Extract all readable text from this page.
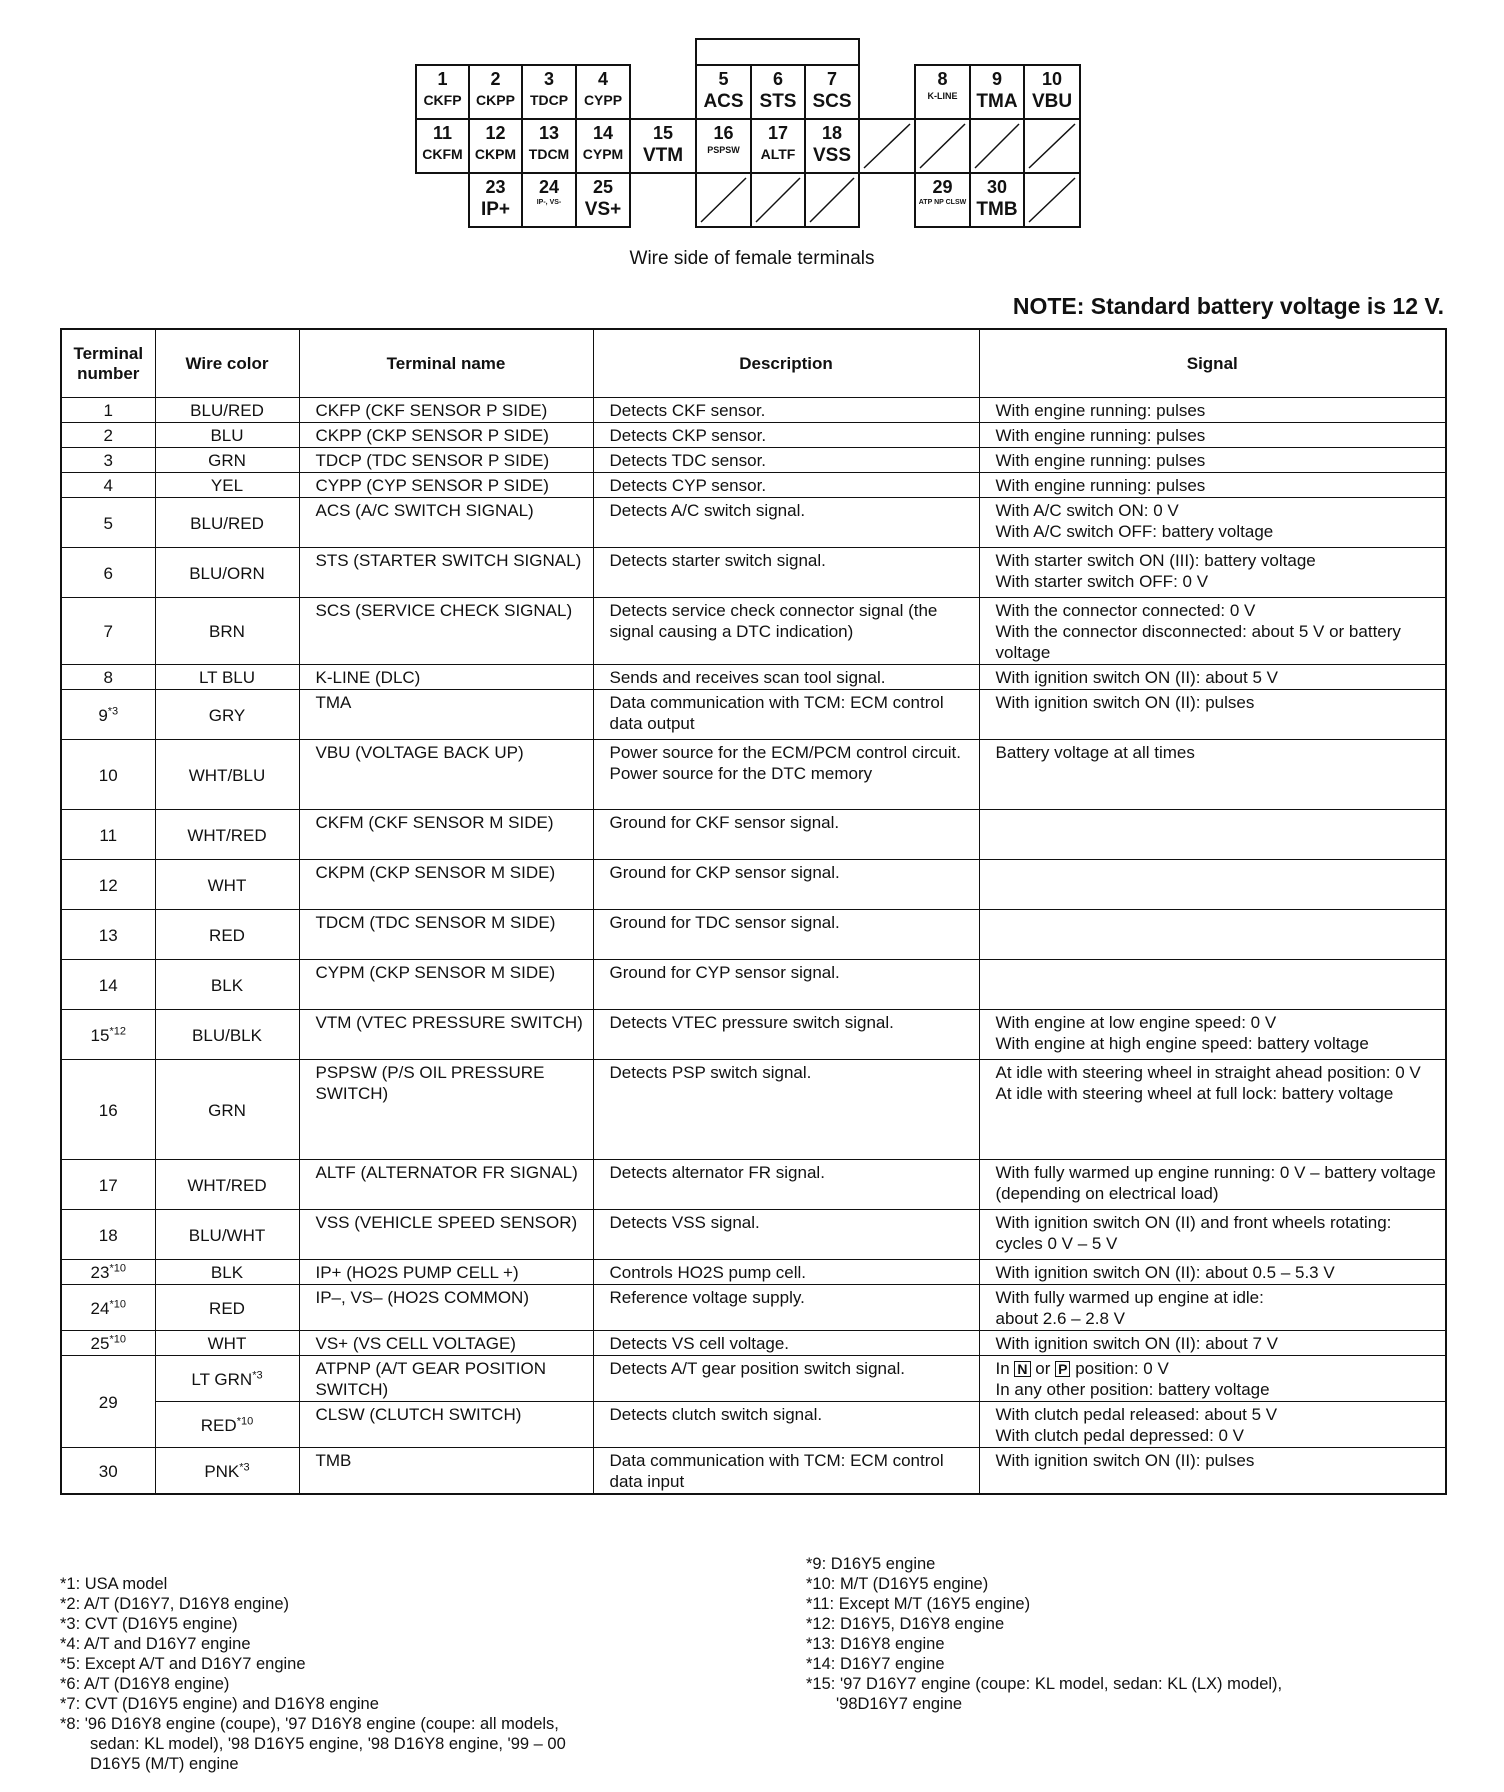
1
CKFP
2
CKPP
3
TDCP
4
CYPP
5
ACS
6
STS
7
SCS
8
K-LINE
9
TMA
10
VBU
11
CKFM
12
CKPM
13
TDCM
14
CYPM
15
VTM
16
PSPSW
17
ALTF
18
VSS
23
IP+
24
IP-, VS-
25
VS+
29
ATP NP CLSW
30
TMB
Wire side of female terminals
NOTE: Standard battery voltage is 12 V.
Terminal number	Wire color	Terminal name	Description	Signal
1	BLU/RED	CKFP (CKF SENSOR P SIDE)	Detects CKF sensor.	With engine running: pulses
2	BLU	CKPP (CKP SENSOR P SIDE)	Detects CKP sensor.	With engine running: pulses
3	GRN	TDCP (TDC SENSOR P SIDE)	Detects TDC sensor.	With engine running: pulses
4	YEL	CYPP (CYP SENSOR P SIDE)	Detects CYP sensor.	With engine running: pulses
5	BLU/RED	ACS (A/C SWITCH SIGNAL)	Detects A/C switch signal.	With A/C switch ON: 0 V
With A/C switch OFF: battery voltage
6	BLU/ORN	STS (STARTER SWITCH SIGNAL)	Detects starter switch signal.	With starter switch ON (III): battery voltage
With starter switch OFF: 0 V
7	BRN	SCS (SERVICE CHECK SIGNAL)	Detects service check connector signal (the signal causing a DTC indication)	With the connector connected: 0 V
With the connector disconnected: about 5 V or battery voltage
8	LT BLU	K-LINE (DLC)	Sends and receives scan tool signal.	With ignition switch ON (II): about 5 V
9$^{*3}$	GRY	TMA	Data communication with TCM: ECM control data output	With ignition switch ON (II): pulses
10	WHT/BLU	VBU (VOLTAGE BACK UP)	Power source for the ECM/PCM control circuit. Power source for the DTC memory	Battery voltage at all times
11	WHT/RED	CKFM (CKF SENSOR M SIDE)	Ground for CKF sensor signal.	
12	WHT	CKPM (CKP SENSOR M SIDE)	Ground for CKP sensor signal.	
13	RED	TDCM (TDC SENSOR M SIDE)	Ground for TDC sensor signal.	
14	BLK	CYPM (CKP SENSOR M SIDE)	Ground for CYP sensor signal.	
15$^{*12}$	BLU/BLK	VTM (VTEC PRESSURE SWITCH)	Detects VTEC pressure switch signal.	With engine at low engine speed: 0 V
With engine at high engine speed: battery voltage
16	GRN	PSPSW (P/S OIL PRESSURE SWITCH)	Detects PSP switch signal.	At idle with steering wheel in straight ahead position: 0 V
At idle with steering wheel at full lock: battery voltage
17	WHT/RED	ALTF (ALTERNATOR FR SIGNAL)	Detects alternator FR signal.	With fully warmed up engine running: 0 V – battery voltage (depending on electrical load)
18	BLU/WHT	VSS (VEHICLE SPEED SENSOR)	Detects VSS signal.	With ignition switch ON (II) and front wheels rotating: cycles 0 V – 5 V
23$^{*10}$	BLK	IP+ (HO2S PUMP CELL +)	Controls HO2S pump cell.	With ignition switch ON (II): about 0.5 – 5.3 V
24$^{*10}$	RED	IP–, VS– (HO2S COMMON)	Reference voltage supply.	With fully warmed up engine at idle:
about 2.6 – 2.8 V
25$^{*10}$	WHT	VS+ (VS CELL VOLTAGE)	Detects VS cell voltage.	With ignition switch ON (II): about 7 V
29	LT GRN$^{*3}$	ATPNP (A/T GEAR POSITION SWITCH)	Detects A/T gear position switch signal.	In N or P position: 0 V
In any other position: battery voltage

	RED$^{*10}$	CLSW (CLUTCH SWITCH)	Detects clutch switch signal.	With clutch pedal released: about 5 V
With clutch pedal depressed: 0 V
30	PNK$^{*3}$	TMB	Data communication with TCM: ECM control data input	With ignition switch ON (II): pulses
*1: USA model
*2: A/T (D16Y7, D16Y8 engine)
*3: CVT (D16Y5 engine)
*4: A/T and D16Y7 engine
*5: Except A/T and D16Y7 engine
*6: A/T (D16Y8 engine)
*7: CVT (D16Y5 engine) and D16Y8 engine
*8: '96 D16Y8 engine (coupe), '97 D16Y8 engine (coupe: all models,
sedan: KL model), '98 D16Y5 engine, '98 D16Y8 engine, '99 – 00
D16Y5 (M/T) engine
*9: D16Y5 engine
*10: M/T (D16Y5 engine)
*11: Except M/T (16Y5 engine)
*12: D16Y5, D16Y8 engine
*13: D16Y8 engine
*14: D16Y7 engine
*15: '97 D16Y7 engine (coupe: KL model, sedan: KL (LX) model),
'98D16Y7 engine
